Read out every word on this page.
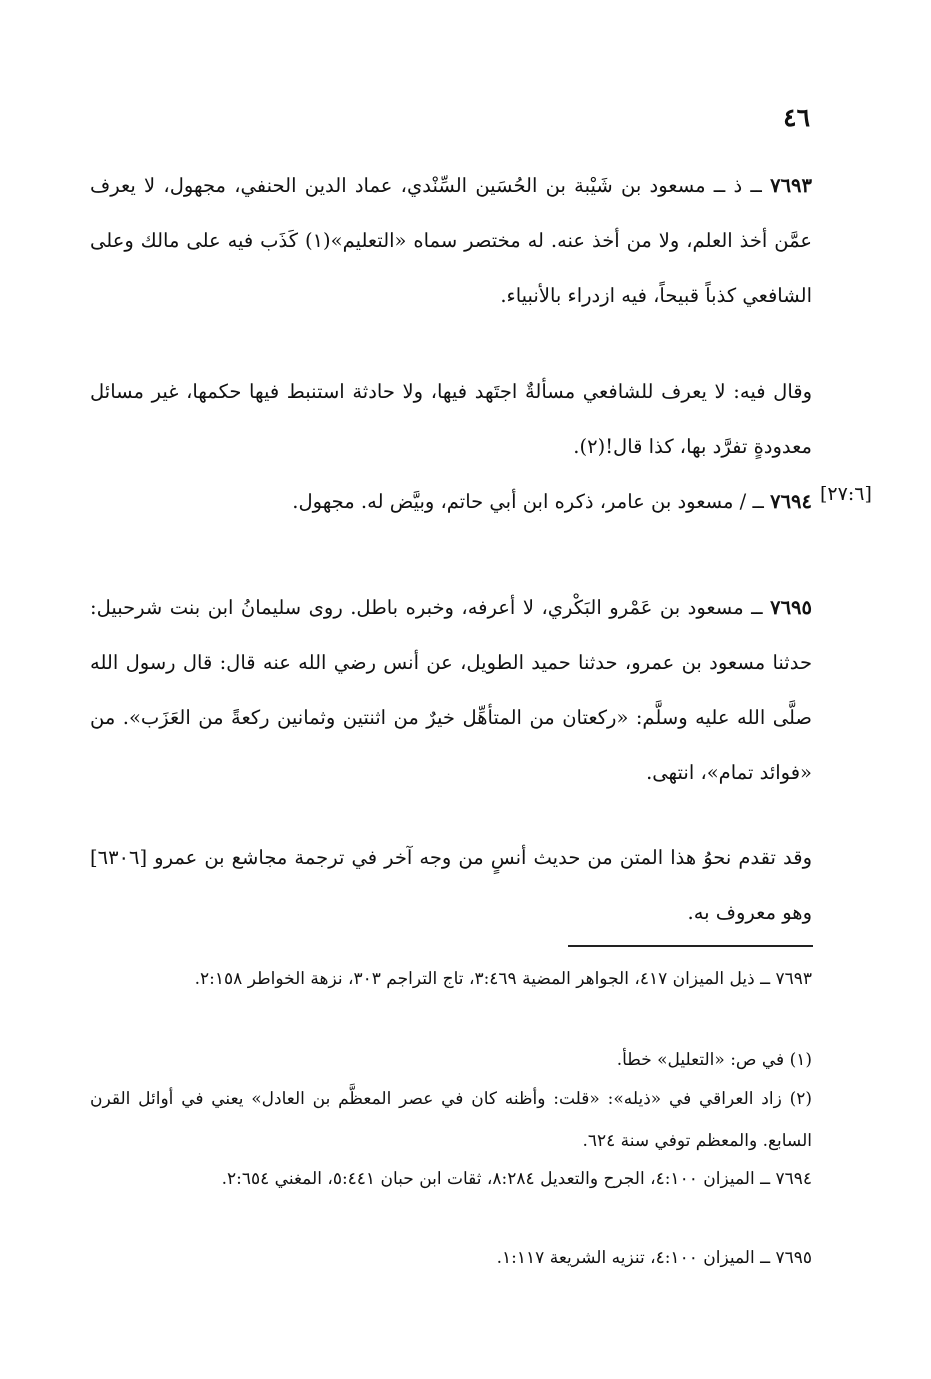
٤٦

٧٦٩٣ ــ ذ ــ مسعود بن شَيْبة بن الحُسَين السِّنْدي، عماد الدين الحنفي، مجهول، لا يعرف عمَّن أخذ العلم، ولا من أخذ عنه. له مختصر سماه «التعليم»(١) كَذَب فيه على مالك وعلى الشافعي كذباً قبيحاً، فيه ازدراء بالأنبياء.

وقال فيه: لا يعرف للشافعي مسألةٌ اجتَهد فيها، ولا حادثة استنبط فيها حكمها، غير مسائل معدودةٍ تفرَّد بها، كذا قال!(٢).

[٢٧:٦]

٧٦٩٤ ــ / مسعود بن عامر، ذكره ابن أبي حاتم، وبيَّض له. مجهول.

٧٦٩٥ ــ مسعود بن عَمْرو البَكْري، لا أعرفه، وخبره باطل. روى سليمانُ ابن بنت شرحبيل: حدثنا مسعود بن عمرو، حدثنا حميد الطويل، عن أنس رضي الله عنه قال: قال رسول الله صلَّى الله عليه وسلَّم: «ركعتان من المتأهِّل خيرٌ من اثنتين وثمانين ركعةً من العَزَب». من «فوائد تمام»، انتهى.

وقد تقدم نحوُ هذا المتن من حديث أنسٍ من وجه آخر في ترجمة مجاشع بن عمرو [٦٣٠٦] وهو معروف به.

٧٦٩٣ ــ ذيل الميزان ٤١٧، الجواهر المضية ٣:٤٦٩، تاج التراجم ٣٠٣، نزهة الخواطر ٢:١٥٨.

(١) في ص: «التعليل» خطأ.

(٢) زاد العراقي في «ذيله»: «قلت: وأظنه كان في عصر المعظَّم بن العادل» يعني في أوائل القرن السابع. والمعظم توفي سنة ٦٢٤.

٧٦٩٤ ــ الميزان ٤:١٠٠، الجرح والتعديل ٨:٢٨٤، ثقات ابن حبان ٥:٤٤١، المغني ٢:٦٥٤.

٧٦٩٥ ــ الميزان ٤:١٠٠، تنزيه الشريعة ١:١١٧.
